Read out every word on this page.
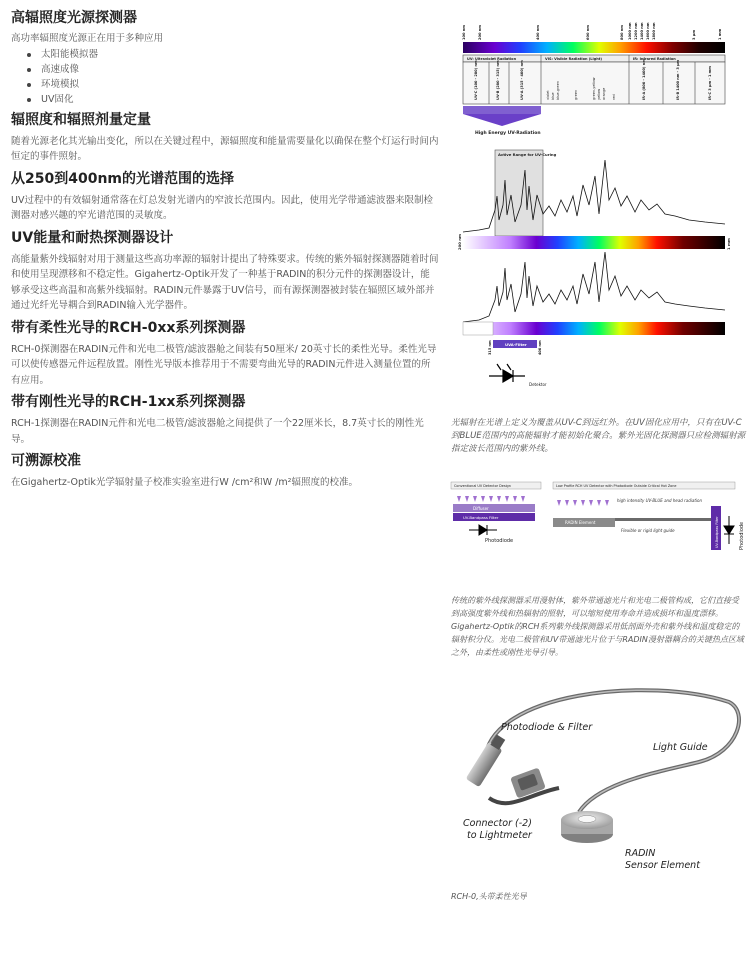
高辐照度光源探测器

高功率辐照度光源正在用于多种应用

太阳能模拟器
高速成像
环境模拟
UV固化
辐照度和辐照剂量定量

随着光源老化其光输出变化，所以在关键过程中，源辐照度和能量需要量化以确保在整个灯运行时间内恒定的事件照射。

从250到400nm的光谱范围的选择

UV过程中的有效辐射通常落在灯总发射光谱内的窄波长范围内。因此，使用光学带通滤波器来限制检测器对感兴趣的窄光谱范围的灵敏度。

UV能量和耐热探测器设计

高能量紫外线辐射对用于测量这些高功率源的辐射计提出了特殊要求。传统的紫外辐射探测器随着时间和使用呈现漂移和不稳定性。Gigahertz-Optik开发了一种基于RADIN的积分元件的探测器设计，能够承受这些高温和高紫外线辐射。RADIN元件暴露于UV信号，而有源探测器被封装在辐照区域外部并通过光纤光导耦合到RADIN输入光学器件。

带有柔性光导的RCH-0xx系列探测器

RCH-0探测器在RADIN元件和光电二极管/滤波器舱之间装有50厘米/ 20英寸长的柔性光导。柔性光导可以使传感器元件远程放置。刚性光导版本推荐用于不需要弯曲光导的RADIN元件进入测量位置的所有应用。

带有刚性光导的RCH-1xx系列探测器

RCH-1探测器在RADIN元件和光电二极管/滤波器舱之间提供了一个22厘米长，8.7英寸长的刚性光导。

可溯源校准

在Gigahertz-Optik光学辐射量子校准实验室进行W /cm²和W /m²辐照度的校准。

100 nm	200 nm	400 nm	600 nm	800 nm 1000 nm 1200 nm 1400 nm 1600 nm 1800 nm	3 µm	1 mm
UV: Ultraviolet Radiation	VIS: Visible Radiation (Light)	IR: Infrared Radiation
UV-C (100 - 280) nm	UV-B (280 - 315) nm	UV-A (315 - 400) nm	IR-A (800 - 1400) nm	IR-B 1400 nm - 3 µm	IR-C 3 µm - 1 mm
violet blue blue-green	green	green-yellow yellow orange red
High Energy UV-Radiation
Active Range for UV-Curing
200 nm	1 mm
UVA-Filter
315 nm	400 nm
Detektor
光辐射在光谱上定义为覆盖从UV-C到远红外。在UV固化应用中，只有在UV-C到BLUE范围内的高能辐射才能初始化聚合。紫外光固化探测器只应检测辐射源指定波长范围内的紫外线。
Conventional UV Detector Design
Diffuser
UV-Bandpass Filter
Photodiode
Low Profile RCH UV Detector with Photodiode Outside Critical Hot Zone
high intensity UV-BLUE and head radiation
RADIN Element
Flexible or rigid light guide	UV-Bandpass Filter	Photodiode
传统的紫外线探测器采用漫射体，紫外带通滤光片和光电二极管构成，它们直接受到高强度紫外线和热辐射的照射，可以缩短使用寿命并造成损坏和温度漂移。Gigahertz-Optik的RCH系列紫外线探测器采用低剖面外壳和紫外线和温度稳定的辐射积分仪。光电二极管和UV带通滤光片位于与RADIN漫射器耦合的关键热点区域之外，由柔性或刚性光导引导。
Photodiode & Filter
Light Guide
Connector (-2)
to Lightmeter
RADIN
Sensor Element
RCH-0,头带柔性光导
